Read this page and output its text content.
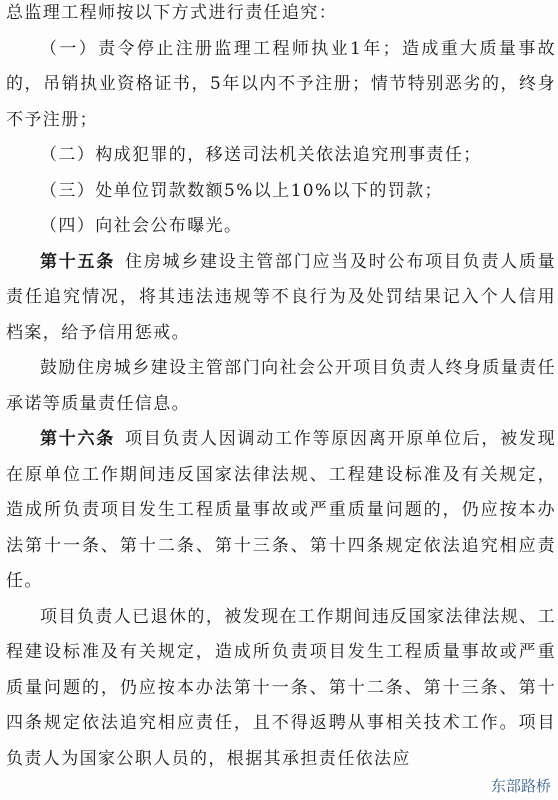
总监理工程师按以下方式进行责任追究：

（一）责令停止注册监理工程师执业1年；造成重大质量事故的，吊销执业资格证书，5年以内不予注册；情节特别恶劣的，终身不予注册；

（二）构成犯罪的，移送司法机关依法追究刑事责任；

（三）处单位罚款数额5%以上10%以下的罚款；

（四）向社会公布曝光。

第十五条 住房城乡建设主管部门应当及时公布项目负责人质量责任追究情况，将其违法违规等不良行为及处罚结果记入个人信用档案，给予信用惩戒。

鼓励住房城乡建设主管部门向社会公开项目负责人终身质量责任承诺等质量责任信息。

第十六条 项目负责人因调动工作等原因离开原单位后，被发现在原单位工作期间违反国家法律法规、工程建设标准及有关规定，造成所负责项目发生工程质量事故或严重质量问题的，仍应按本办法第十一条、第十二条、第十三条、第十四条规定依法追究相应责任。

项目负责人已退休的，被发现在工作期间违反国家法律法规、工程建设标准及有关规定，造成所负责项目发生工程质量事故或严重质量问题的，仍应按本办法第十一条、第十二条、第十三条、第十四条规定依法追究相应责任，且不得返聘从事相关技术工作。项目负责人为国家公职人员的，根据其承担责任依法应

东部路桥
